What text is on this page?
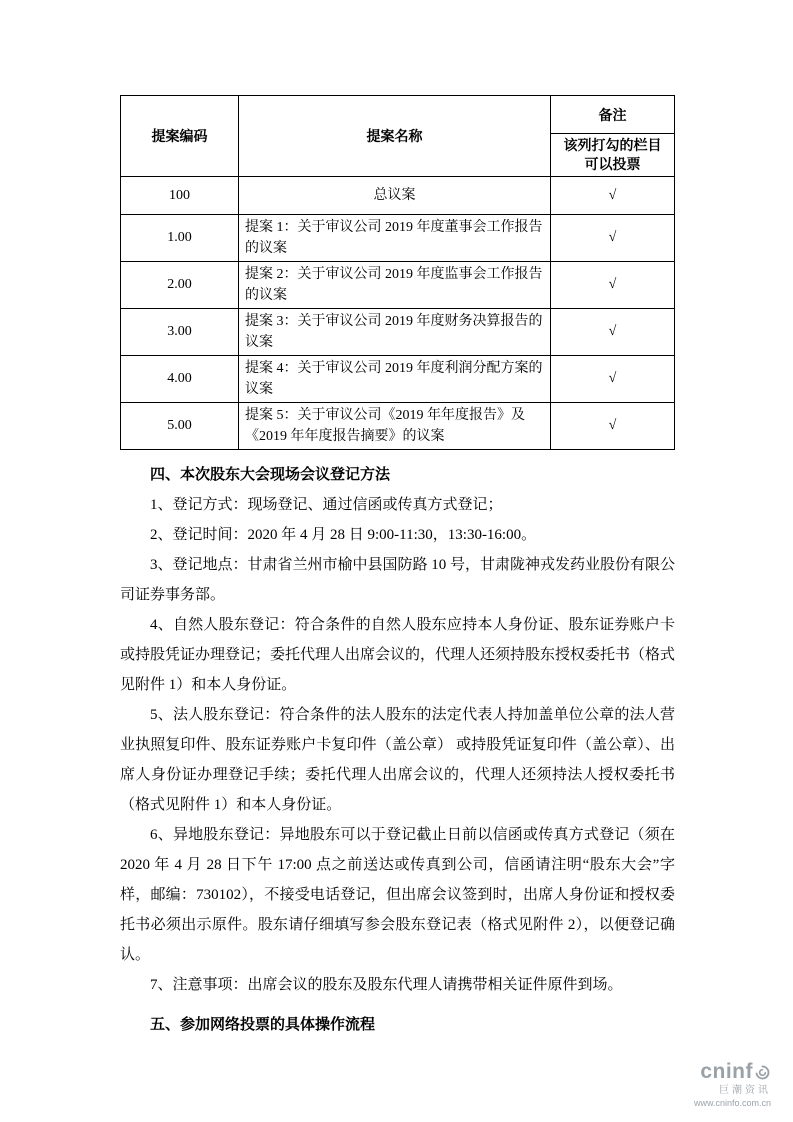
提案编码	提案名称	备注
		该列打勾的栏目可以投票
100	总议案	√
1.00	提案 1：关于审议公司 2019 年度董事会工作报告的议案	√
2.00	提案 2：关于审议公司 2019 年度监事会工作报告的议案	√
3.00	提案 3：关于审议公司 2019 年度财务决算报告的议案	√
4.00	提案 4：关于审议公司 2019 年度利润分配方案的议案	√
5.00	提案 5：关于审议公司《2019 年年度报告》及《2019 年年度报告摘要》的议案	√
四、本次股东大会现场会议登记方法

1、登记方式：现场登记、通过信函或传真方式登记；

2、登记时间：2020 年 4 月 28 日 9:00-11:30，13:30-16:00。

3、登记地点：甘肃省兰州市榆中县国防路 10 号，甘肃陇神戎发药业股份有限公司证券事务部。

4、自然人股东登记：符合条件的自然人股东应持本人身份证、股东证券账户卡或持股凭证办理登记；委托代理人出席会议的，代理人还须持股东授权委托书（格式见附件 1）和本人身份证。

5、法人股东登记：符合条件的法人股东的法定代表人持加盖单位公章的法人营业执照复印件、股东证券账户卡复印件（盖公章） 或持股凭证复印件（盖公章）、出席人身份证办理登记手续；委托代理人出席会议的，代理人还须持法人授权委托书（格式见附件 1）和本人身份证。

6、异地股东登记：异地股东可以于登记截止日前以信函或传真方式登记（须在 2020 年 4 月 28 日下午 17:00 点之前送达或传真到公司，信函请注明“股东大会”字样，邮编：730102），不接受电话登记，但出席会议签到时，出席人身份证和授权委托书必须出示原件。股东请仔细填写参会股东登记表（格式见附件 2），以便登记确认。

7、注意事项：出席会议的股东及股东代理人请携带相关证件原件到场。

五、参加网络投票的具体操作流程
cninf
巨潮资讯
www.cninfo.com.cn
